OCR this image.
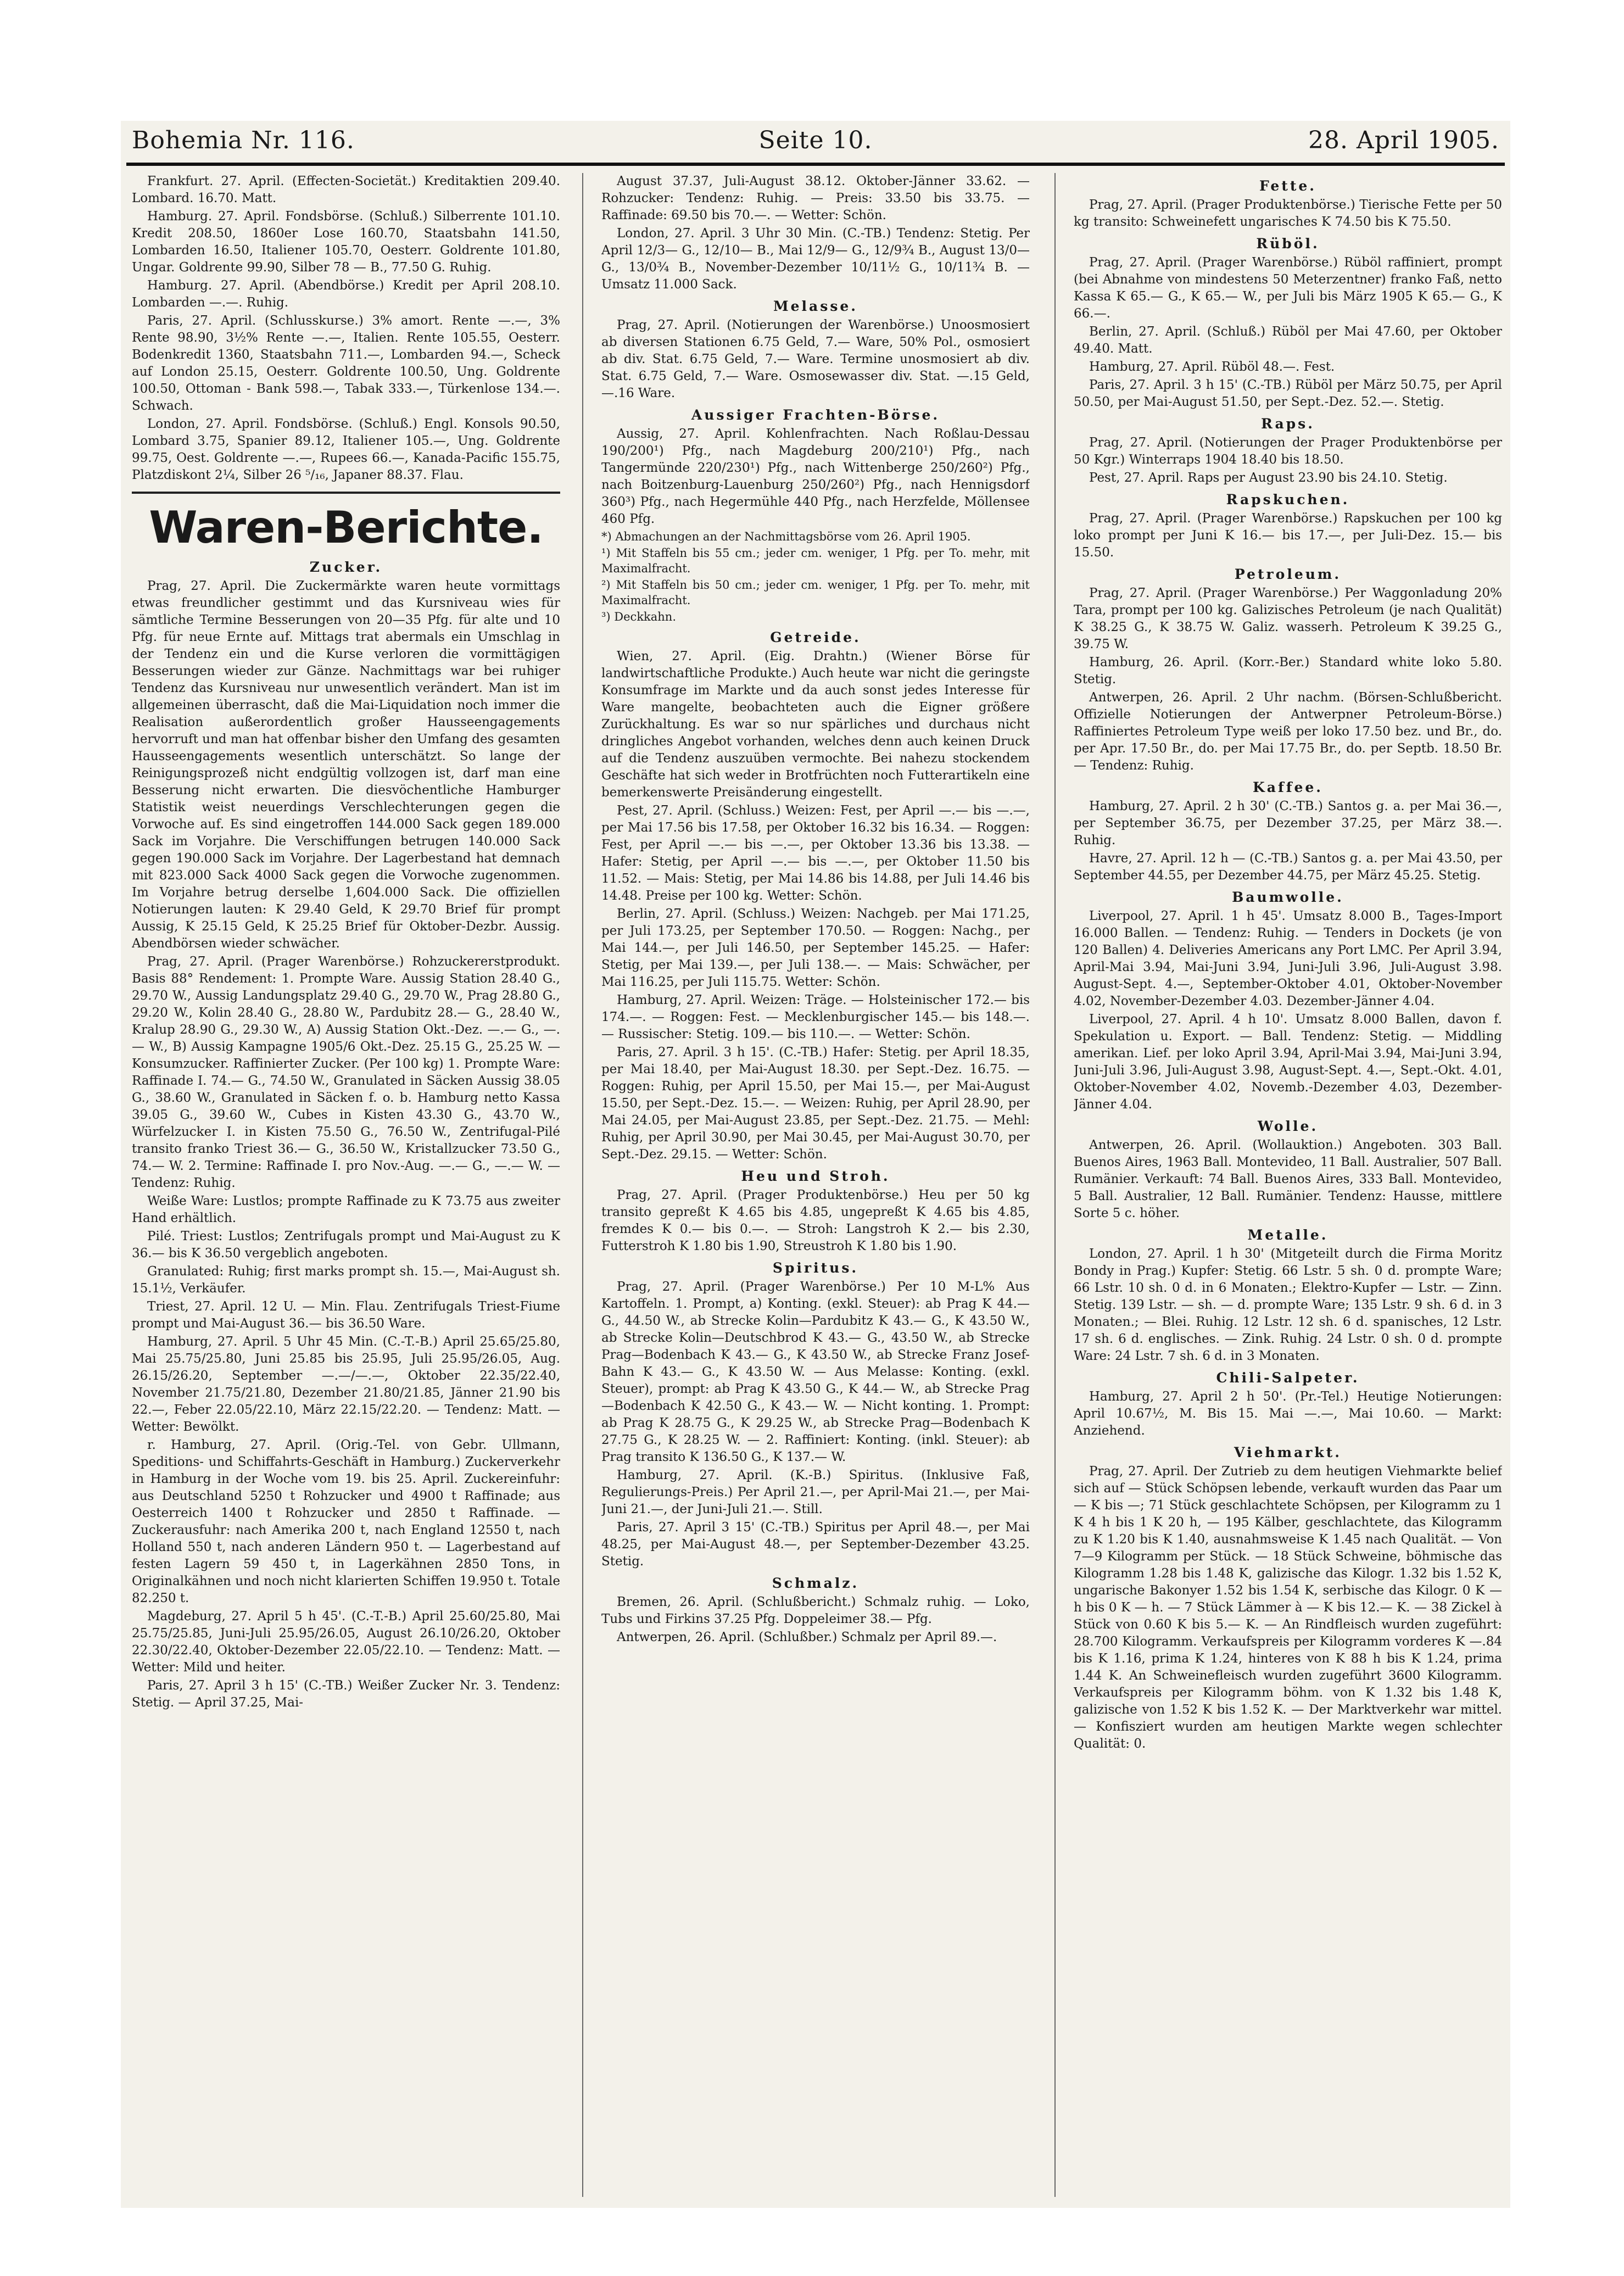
Bohemia Nr. 116.	Seite 10.	28. April 1905.

Frankfurt. 27. April. (Effecten-Societät.) Kreditaktien 209.40. Lombard. 16.70. Matt.

Hamburg. 27. April. Fondsbörse. (Schluß.) Silberrente 101.10. Kredit 208.50, 1860er Lose 160.70, Staatsbahn 141.50, Lombarden 16.50, Italiener 105.70, Oesterr. Goldrente 101.80, Ungar. Goldrente 99.90, Silber 78 — B., 77.50 G. Ruhig.

Hamburg. 27. April. (Abendbörse.) Kredit per April 208.10. Lombarden —.—. Ruhig.

Paris, 27. April. (Schlusskurse.) 3% amort. Rente —.—, 3% Rente 98.90, 3½% Rente —.—, Italien. Rente 105.55, Oesterr. Bodenkredit 1360, Staatsbahn 711.—, Lombarden 94.—, Scheck auf London 25.15, Oesterr. Goldrente 100.50, Ung. Goldrente 100.50, Ottoman - Bank 598.—, Tabak 333.—, Türkenlose 134.—. Schwach.

London, 27. April. Fondsbörse. (Schluß.) Engl. Konsols 90.50, Lombard 3.75, Spanier 89.12, Italiener 105.—, Ung. Goldrente 99.75, Oest. Goldrente —.—, Rupees 66.—, Kanada-Pacific 155.75, Platzdiskont 2¼, Silber 26 ⁵/₁₆, Japaner 88.37. Flau.

Waren-Berichte.
Zucker.

Prag, 27. April. Die Zuckermärkte waren heute vormittags etwas freundlicher gestimmt und das Kursniveau wies für sämtliche Termine Besserungen von 20—35 Pfg. für alte und 10 Pfg. für neue Ernte auf. Mittags trat abermals ein Umschlag in der Tendenz ein und die Kurse verloren die vormittägigen Besserungen wieder zur Gänze. Nachmittags war bei ruhiger Tendenz das Kursniveau nur unwesentlich verändert. Man ist im allgemeinen überrascht, daß die Mai-Liquidation noch immer die Realisation außerordentlich großer Hausseengagements hervorruft und man hat offenbar bisher den Umfang des gesamten Hausseengagements wesentlich unterschätzt. So lange der Reinigungsprozeß nicht endgültig vollzogen ist, darf man eine Besserung nicht erwarten. Die diesvöchentliche Hamburger Statistik weist neuerdings Verschlechterungen gegen die Vorwoche auf. Es sind eingetroffen 144.000 Sack gegen 189.000 Sack im Vorjahre. Die Verschiffungen betrugen 140.000 Sack gegen 190.000 Sack im Vorjahre. Der Lagerbestand hat demnach mit 823.000 Sack 4000 Sack gegen die Vorwoche zugenommen. Im Vorjahre betrug derselbe 1,604.000 Sack. Die offiziellen Notierungen lauten: K 29.40 Geld, K 29.70 Brief für prompt Aussig, K 25.15 Geld, K 25.25 Brief für Oktober-Dezbr. Aussig. Abendbörsen wieder schwächer.

Prag, 27. April. (Prager Warenbörse.) Rohzuckererstprodukt. Basis 88° Rendement: 1. Prompte Ware. Aussig Station 28.40 G., 29.70 W., Aussig Landungsplatz 29.40 G., 29.70 W., Prag 28.80 G., 29.20 W., Kolin 28.40 G., 28.80 W., Pardubitz 28.— G., 28.40 W., Kralup 28.90 G., 29.30 W., A) Aussig Station Okt.-Dez. —.— G., —.— W., B) Aussig Kampagne 1905/6 Okt.-Dez. 25.15 G., 25.25 W. — Konsumzucker. Raffinierter Zucker. (Per 100 kg) 1. Prompte Ware: Raffinade I. 74.— G., 74.50 W., Granulated in Säcken Aussig 38.05 G., 38.60 W., Granulated in Säcken f. o. b. Hamburg netto Kassa 39.05 G., 39.60 W., Cubes in Kisten 43.30 G., 43.70 W., Würfelzucker I. in Kisten 75.50 G., 76.50 W., Zentrifugal-Pilé transito franko Triest 36.— G., 36.50 W., Kristallzucker 73.50 G., 74.— W. 2. Termine: Raffinade I. pro Nov.-Aug. —.— G., —.— W. — Tendenz: Ruhig.

Weiße Ware: Lustlos; prompte Raffinade zu K 73.75 aus zweiter Hand erhältlich.

Pilé. Triest: Lustlos; Zentrifugals prompt und Mai-August zu K 36.— bis K 36.50 vergeblich angeboten.

Granulated: Ruhig; first marks prompt sh. 15.—, Mai-August sh. 15.1½, Verkäufer.

Triest, 27. April. 12 U. — Min. Flau. Zentrifugals Triest-Fiume prompt und Mai-August 36.— bis 36.50 Ware.

Hamburg, 27. April. 5 Uhr 45 Min. (C.-T.-B.) April 25.65/25.80, Mai 25.75/25.80, Juni 25.85 bis 25.95, Juli 25.95/26.05, Aug. 26.15/26.20, September —.—/—.—, Oktober 22.35/22.40, November 21.75/21.80, Dezember 21.80/21.85, Jänner 21.90 bis 22.—, Feber 22.05/22.10, März 22.15/22.20. — Tendenz: Matt. — Wetter: Bewölkt.

r. Hamburg, 27. April. (Orig.-Tel. von Gebr. Ullmann, Speditions- und Schiffahrts-Geschäft in Hamburg.) Zuckerverkehr in Hamburg in der Woche vom 19. bis 25. April. Zuckereinfuhr: aus Deutschland 5250 t Rohzucker und 4900 t Raffinade; aus Oesterreich 1400 t Rohzucker und 2850 t Raffinade. — Zuckerausfuhr: nach Amerika 200 t, nach England 12550 t, nach Holland 550 t, nach anderen Ländern 950 t. — Lagerbestand auf festen Lagern 59 450 t, in Lagerkähnen 2850 Tons, in Originalkähnen und noch nicht klarierten Schiffen 19.950 t. Totale 82.250 t.

Magdeburg, 27. April 5 h 45'. (C.-T.-B.) April 25.60/25.80, Mai 25.75/25.85, Juni-Juli 25.95/26.05, August 26.10/26.20, Oktober 22.30/22.40, Oktober-Dezember 22.05/22.10. — Tendenz: Matt. — Wetter: Mild und heiter.

Paris, 27. April 3 h 15' (C.-TB.) Weißer Zucker Nr. 3. Tendenz: Stetig. — April 37.25, Mai-

August 37.37, Juli-August 38.12. Oktober-Jänner 33.62. — Rohzucker: Tendenz: Ruhig. — Preis: 33.50 bis 33.75. — Raffinade: 69.50 bis 70.—. — Wetter: Schön.

London, 27. April. 3 Uhr 30 Min. (C.-TB.) Tendenz: Stetig. Per April 12/3— G., 12/10— B., Mai 12/9— G., 12/9¾ B., August 13/0— G., 13/0¾ B., November-Dezember 10/11½ G., 10/11¾ B. — Umsatz 11.000 Sack.

Melasse.

Prag, 27. April. (Notierungen der Warenbörse.) Unoosmosiert ab diversen Stationen 6.75 Geld, 7.— Ware, 50% Pol., osmosiert ab div. Stat. 6.75 Geld, 7.— Ware. Termine unosmosiert ab div. Stat. 6.75 Geld, 7.— Ware. Osmosewasser div. Stat. —.15 Geld, —.16 Ware.

Aussiger Frachten-Börse.

Aussig, 27. April. Kohlenfrachten. Nach Roßlau-Dessau 190/200¹) Pfg., nach Magdeburg 200/210¹) Pfg., nach Tangermünde 220/230¹) Pfg., nach Wittenberge 250/260²) Pfg., nach Boitzenburg-Lauenburg 250/260²) Pfg., nach Hennigsdorf 360³) Pfg., nach Hegermühle 440 Pfg., nach Herzfelde, Möllensee 460 Pfg.

*) Abmachungen an der Nachmittagsbörse vom 26. April 1905.

¹) Mit Staffeln bis 55 cm.; jeder cm. weniger, 1 Pfg. per To. mehr, mit Maximalfracht.

²) Mit Staffeln bis 50 cm.; jeder cm. weniger, 1 Pfg. per To. mehr, mit Maximalfracht.

³) Deckkahn.

Getreide.

Wien, 27. April. (Eig. Drahtn.) (Wiener Börse für landwirtschaftliche Produkte.) Auch heute war nicht die geringste Konsumfrage im Markte und da auch sonst jedes Interesse für Ware mangelte, beobachteten auch die Eigner größere Zurückhaltung. Es war so nur spärliches und durchaus nicht dringliches Angebot vorhanden, welches denn auch keinen Druck auf die Tendenz auszuüben vermochte. Bei nahezu stockendem Geschäfte hat sich weder in Brotfrüchten noch Futterartikeln eine bemerkenswerte Preisänderung eingestellt.

Pest, 27. April. (Schluss.) Weizen: Fest, per April —.— bis —.—, per Mai 17.56 bis 17.58, per Oktober 16.32 bis 16.34. — Roggen: Fest, per April —.— bis —.—, per Oktober 13.36 bis 13.38. — Hafer: Stetig, per April —.— bis —.—, per Oktober 11.50 bis 11.52. — Mais: Stetig, per Mai 14.86 bis 14.88, per Juli 14.46 bis 14.48. Preise per 100 kg. Wetter: Schön.

Berlin, 27. April. (Schluss.) Weizen: Nachgeb. per Mai 171.25, per Juli 173.25, per September 170.50. — Roggen: Nachg., per Mai 144.—, per Juli 146.50, per September 145.25. — Hafer: Stetig, per Mai 139.—, per Juli 138.—. — Mais: Schwächer, per Mai 116.25, per Juli 115.75. Wetter: Schön.

Hamburg, 27. April. Weizen: Träge. — Holsteinischer 172.— bis 174.—. — Roggen: Fest. — Mecklenburgischer 145.— bis 148.—. — Russischer: Stetig. 109.— bis 110.—. — Wetter: Schön.

Paris, 27. April. 3 h 15'. (C.-TB.) Hafer: Stetig. per April 18.35, per Mai 18.40, per Mai-August 18.30. per Sept.-Dez. 16.75. — Roggen: Ruhig, per April 15.50, per Mai 15.—, per Mai-August 15.50, per Sept.-Dez. 15.—. — Weizen: Ruhig, per April 28.90, per Mai 24.05, per Mai-August 23.85, per Sept.-Dez. 21.75. — Mehl: Ruhig, per April 30.90, per Mai 30.45, per Mai-August 30.70, per Sept.-Dez. 29.15. — Wetter: Schön.

Heu und Stroh.

Prag, 27. April. (Prager Produktenbörse.) Heu per 50 kg transito gepreßt K 4.65 bis 4.85, ungepreßt K 4.65 bis 4.85, fremdes K 0.— bis 0.—. — Stroh: Langstroh K 2.— bis 2.30, Futterstroh K 1.80 bis 1.90, Streustroh K 1.80 bis 1.90.

Spiritus.

Prag, 27. April. (Prager Warenbörse.) Per 10 M-L% Aus Kartoffeln. 1. Prompt, a) Konting. (exkl. Steuer): ab Prag K 44.— G., 44.50 W., ab Strecke Kolin—Pardubitz K 43.— G., K 43.50 W., ab Strecke Kolin—Deutschbrod K 43.— G., 43.50 W., ab Strecke Prag—Bodenbach K 43.— G., K 43.50 W., ab Strecke Franz Josef-Bahn K 43.— G., K 43.50 W. — Aus Melasse: Konting. (exkl. Steuer), prompt: ab Prag K 43.50 G., K 44.— W., ab Strecke Prag—Bodenbach K 42.50 G., K 43.— W. — Nicht konting. 1. Prompt: ab Prag K 28.75 G., K 29.25 W., ab Strecke Prag—Bodenbach K 27.75 G., K 28.25 W. — 2. Raffiniert: Konting. (inkl. Steuer): ab Prag transito K 136.50 G., K 137.— W.

Hamburg, 27. April. (K.-B.) Spiritus. (Inklusive Faß, Regulierungs-Preis.) Per April 21.—, per April-Mai 21.—, per Mai-Juni 21.—, der Juni-Juli 21.—. Still.

Paris, 27. April 3 15' (C.-TB.) Spiritus per April 48.—, per Mai 48.25, per Mai-August 48.—, per September-Dezember 43.25. Stetig.

Schmalz.

Bremen, 26. April. (Schlußbericht.) Schmalz ruhig. — Loko, Tubs und Firkins 37.25 Pfg. Doppeleimer 38.— Pfg.

Antwerpen, 26. April. (Schlußber.) Schmalz per April 89.—.

Fette.

Prag, 27. April. (Prager Produktenbörse.) Tierische Fette per 50 kg transito: Schweinefett ungarisches K 74.50 bis K 75.50.

Rüböl.

Prag, 27. April. (Prager Warenbörse.) Rüböl raffiniert, prompt (bei Abnahme von mindestens 50 Meterzentner) franko Faß, netto Kassa K 65.— G., K 65.— W., per Juli bis März 1905 K 65.— G., K 66.—.

Berlin, 27. April. (Schluß.) Rüböl per Mai 47.60, per Oktober 49.40. Matt.

Hamburg, 27. April. Rüböl 48.—. Fest.

Paris, 27. April. 3 h 15' (C.-TB.) Rüböl per März 50.75, per April 50.50, per Mai-August 51.50, per Sept.-Dez. 52.—. Stetig.

Raps.

Prag, 27. April. (Notierungen der Prager Produktenbörse per 50 Kgr.) Winterraps 1904 18.40 bis 18.50.

Pest, 27. April. Raps per August 23.90 bis 24.10. Stetig.

Rapskuchen.

Prag, 27. April. (Prager Warenbörse.) Rapskuchen per 100 kg loko prompt per Juni K 16.— bis 17.—, per Juli-Dez. 15.— bis 15.50.

Petroleum.

Prag, 27. April. (Prager Warenbörse.) Per Waggonladung 20% Tara, prompt per 100 kg. Galizisches Petroleum (je nach Qualität) K 38.25 G., K 38.75 W. Galiz. wasserh. Petroleum K 39.25 G., 39.75 W.

Hamburg, 26. April. (Korr.-Ber.) Standard white loko 5.80. Stetig.

Antwerpen, 26. April. 2 Uhr nachm. (Börsen-Schlußbericht. Offizielle Notierungen der Antwerpner Petroleum-Börse.) Raffiniertes Petroleum Type weiß per loko 17.50 bez. und Br., do. per Apr. 17.50 Br., do. per Mai 17.75 Br., do. per Septb. 18.50 Br. — Tendenz: Ruhig.

Kaffee.

Hamburg, 27. April. 2 h 30' (C.-TB.) Santos g. a. per Mai 36.—, per September 36.75, per Dezember 37.25, per März 38.—. Ruhig.

Havre, 27. April. 12 h — (C.-TB.) Santos g. a. per Mai 43.50, per September 44.55, per Dezember 44.75, per März 45.25. Stetig.

Baumwolle.

Liverpool, 27. April. 1 h 45'. Umsatz 8.000 B., Tages-Import 16.000 Ballen. — Tendenz: Ruhig. — Tenders in Dockets (je von 120 Ballen) 4. Deliveries Americans any Port LMC. Per April 3.94, April-Mai 3.94, Mai-Juni 3.94, Juni-Juli 3.96, Juli-August 3.98. August-Sept. 4.—, September-Oktober 4.01, Oktober-November 4.02, November-Dezember 4.03. Dezember-Jänner 4.04.

Liverpool, 27. April. 4 h 10'. Umsatz 8.000 Ballen, davon f. Spekulation u. Export. — Ball. Tendenz: Stetig. — Middling amerikan. Lief. per loko April 3.94, April-Mai 3.94, Mai-Juni 3.94, Juni-Juli 3.96, Juli-August 3.98, August-Sept. 4.—, Sept.-Okt. 4.01, Oktober-November 4.02, Novemb.-Dezember 4.03, Dezember-Jänner 4.04.

Wolle.

Antwerpen, 26. April. (Wollauktion.) Angeboten. 303 Ball. Buenos Aires, 1963 Ball. Montevideo, 11 Ball. Australier, 507 Ball. Rumänier. Verkauft: 74 Ball. Buenos Aires, 333 Ball. Montevideo, 5 Ball. Australier, 12 Ball. Rumänier. Tendenz: Hausse, mittlere Sorte 5 c. höher.

Metalle.

London, 27. April. 1 h 30' (Mitgeteilt durch die Firma Moritz Bondy in Prag.) Kupfer: Stetig. 66 Lstr. 5 sh. 0 d. prompte Ware; 66 Lstr. 10 sh. 0 d. in 6 Monaten.; Elektro-Kupfer — Lstr. — Zinn. Stetig. 139 Lstr. — sh. — d. prompte Ware; 135 Lstr. 9 sh. 6 d. in 3 Monaten.; — Blei. Ruhig. 12 Lstr. 12 sh. 6 d. spanisches, 12 Lstr. 17 sh. 6 d. englisches. — Zink. Ruhig. 24 Lstr. 0 sh. 0 d. prompte Ware: 24 Lstr. 7 sh. 6 d. in 3 Monaten.

Chili-Salpeter.

Hamburg, 27. April 2 h 50'. (Pr.-Tel.) Heutige Notierungen: April 10.67½, M. Bis 15. Mai —.—, Mai 10.60. — Markt: Anziehend.

Viehmarkt.

Prag, 27. April. Der Zutrieb zu dem heutigen Viehmarkte belief sich auf — Stück Schöpsen lebende, verkauft wurden das Paar um — K bis —; 71 Stück geschlachtete Schöpsen, per Kilogramm zu 1 K 4 h bis 1 K 20 h, — 195 Kälber, geschlachtete, das Kilogramm zu K 1.20 bis K 1.40, ausnahmsweise K 1.45 nach Qualität. — Von 7—9 Kilogramm per Stück. — 18 Stück Schweine, böhmische das Kilogramm 1.28 bis 1.48 K, galizische das Kilogr. 1.32 bis 1.52 K, ungarische Bakonyer 1.52 bis 1.54 K, serbische das Kilogr. 0 K — h bis 0 K — h. — 7 Stück Lämmer à — K bis 12.— K. — 38 Zickel à Stück von 0.60 K bis 5.— K. — An Rindfleisch wurden zugeführt: 28.700 Kilogramm. Verkaufspreis per Kilogramm vorderes K —.84 bis K 1.16, prima K 1.24, hinteres von K 88 h bis K 1.24, prima 1.44 K. An Schweinefleisch wurden zugeführt 3600 Kilogramm. Verkaufspreis per Kilogramm böhm. von K 1.32 bis 1.48 K, galizische von 1.52 K bis 1.52 K. — Der Marktverkehr war mittel. — Konfisziert wurden am heutigen Markte wegen schlechter Qualität: 0.
